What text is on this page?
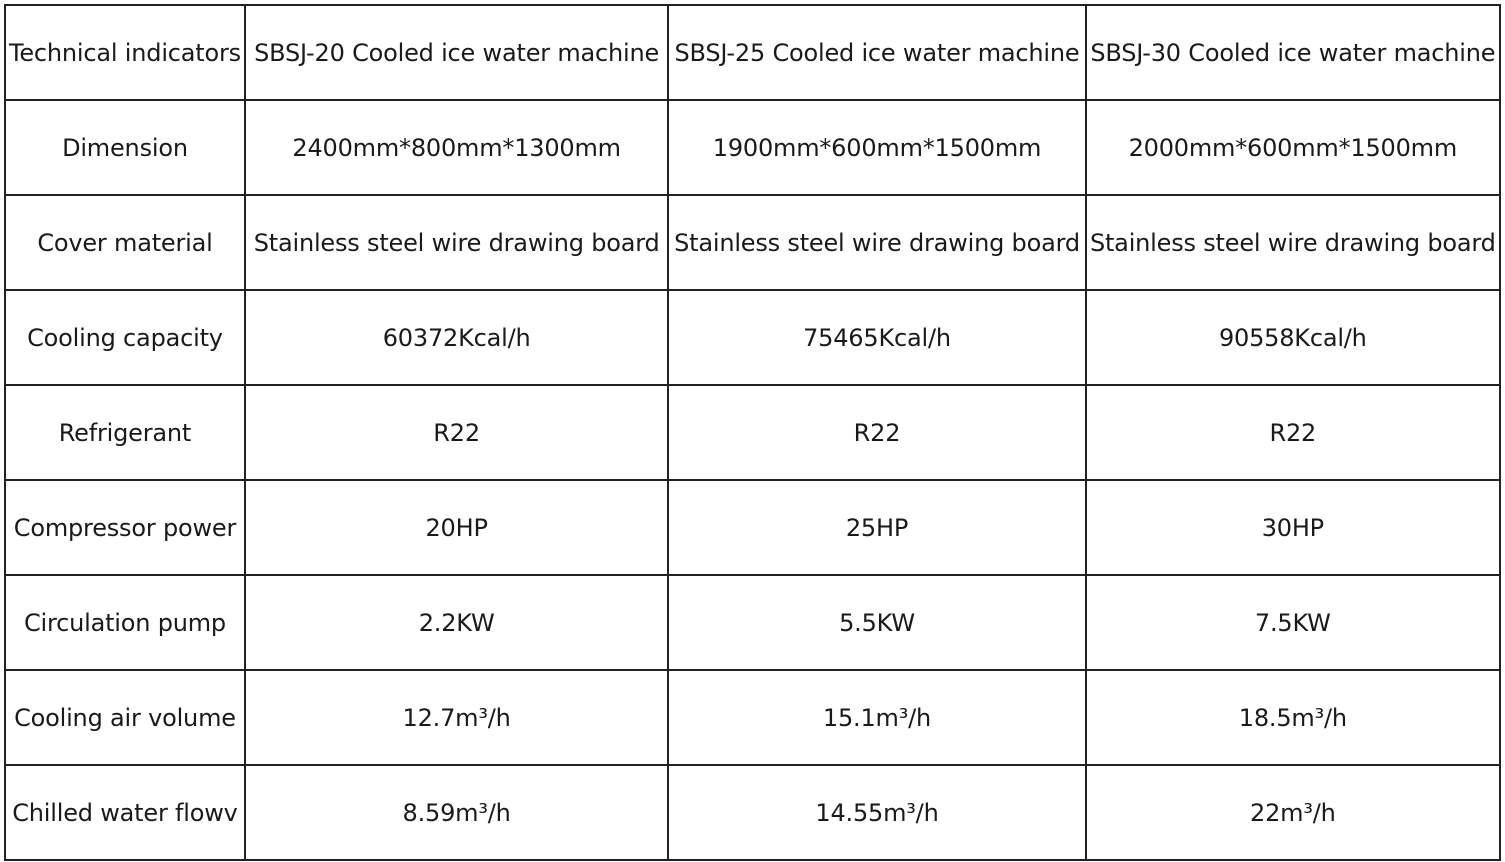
Technical indicators	SBSJ-20 Cooled ice water machine	SBSJ-25 Cooled ice water machine	SBSJ-30 Cooled ice water machine
Dimension	2400mm*800mm*1300mm	1900mm*600mm*1500mm	2000mm*600mm*1500mm
Cover material	Stainless steel wire drawing board	Stainless steel wire drawing board	Stainless steel wire drawing board
Cooling capacity	60372Kcal/h	75465Kcal/h	90558Kcal/h
Refrigerant	R22	R22	R22
Compressor power	20HP	25HP	30HP
Circulation pump	2.2KW	5.5KW	7.5KW
Cooling air volume	12.7m³/h	15.1m³/h	18.5m³/h
Chilled water flowv	8.59m³/h	14.55m³/h	22m³/h
